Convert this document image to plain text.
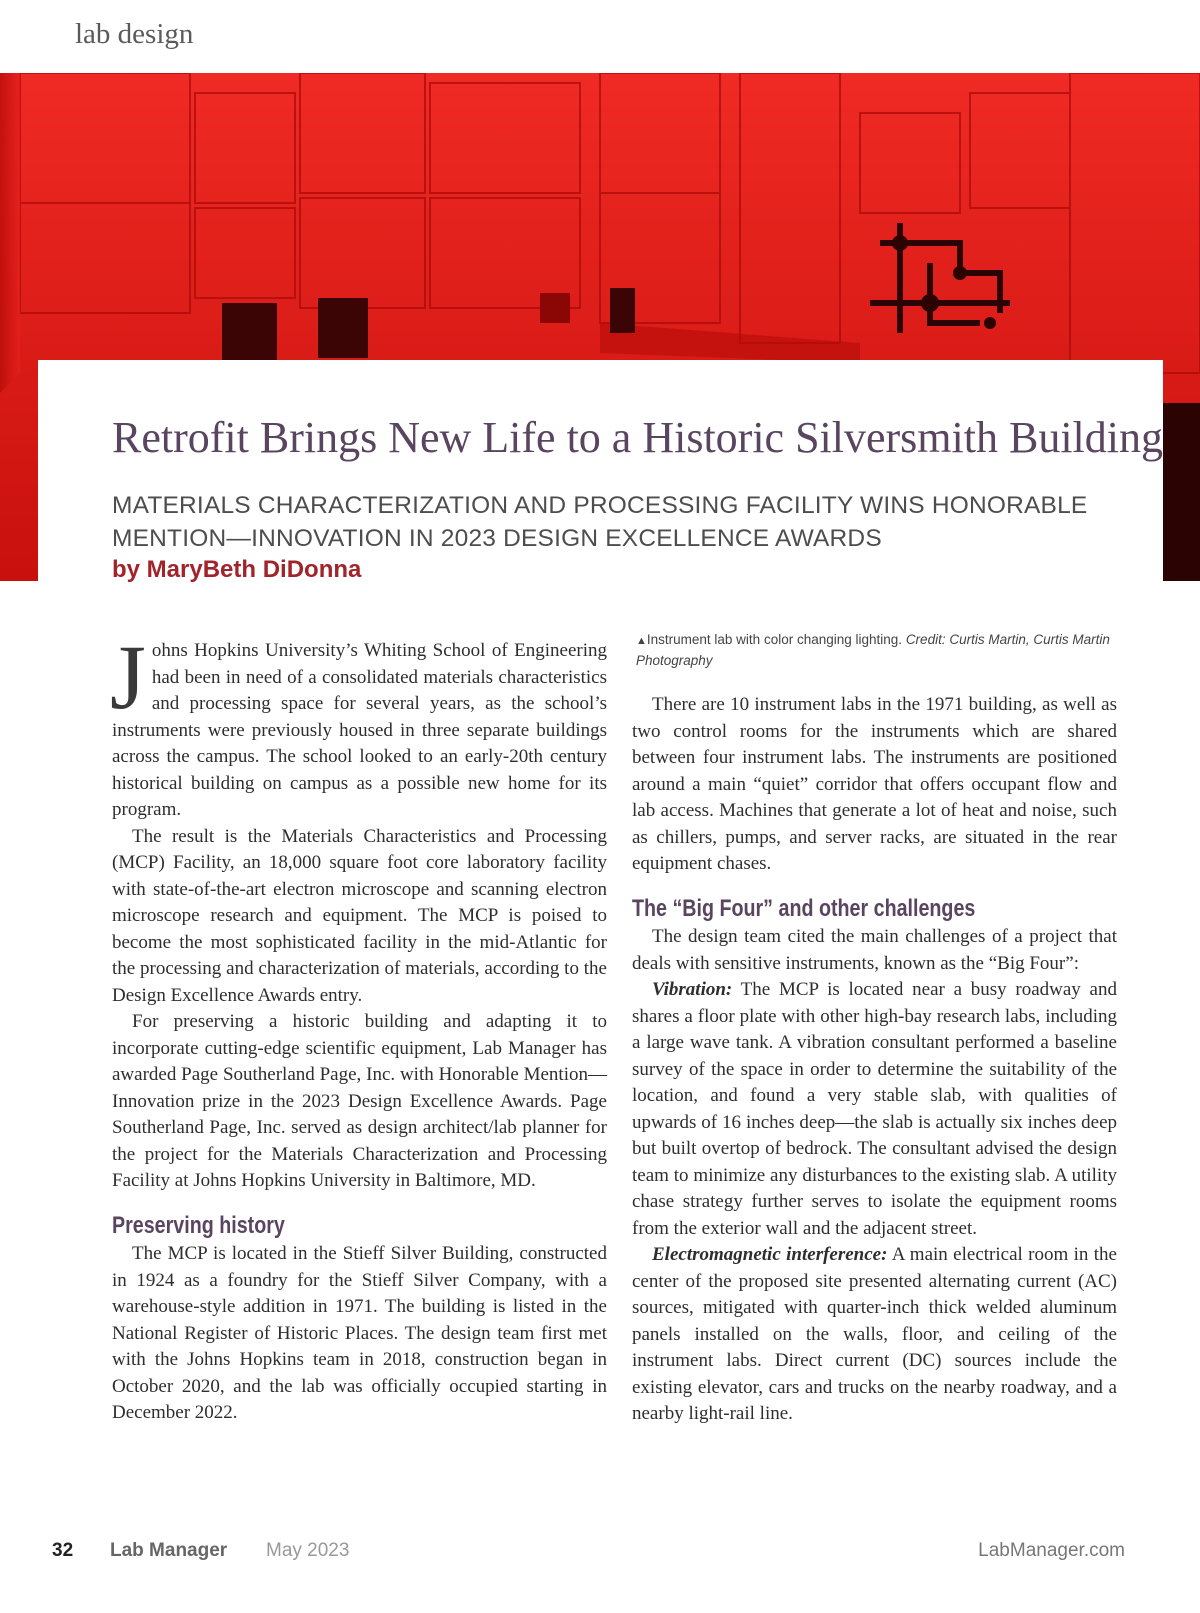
lab design
Retrofit Brings New Life to a Historic Silversmith Building
MATERIALS CHARACTERIZATION AND PROCESSING FACILITY WINS HONORABLE MENTION—INNOVATION IN 2023 DESIGN EXCELLENCE AWARDS
by MaryBeth DiDonna

Johns Hopkins University’s Whiting School of Engineering had been in need of a consolidated materials characteristics and processing space for several years, as the school’s instruments were previously housed in three separate buildings across the campus. The school looked to an early-20th century historical building on campus as a possible new home for its program.

The result is the Materials Characteristics and Processing (MCP) Facility, an 18,000 square foot core laboratory facility with state-of-the-art electron microscope and scanning electron microscope research and equipment. The MCP is poised to become the most sophisticated facility in the mid-Atlantic for the processing and characterization of materials, according to the Design Excellence Awards entry.

For preserving a historic building and adapting it to incorporate cutting-edge scientific equipment, Lab Manager has awarded Page Southerland Page, Inc. with Honorable Mention—Innovation prize in the 2023 Design Excellence Awards. Page Southerland Page, Inc. served as design architect/lab planner for the project for the Materials Characterization and Processing Facility at Johns Hopkins University in Baltimore, MD.

Preserving history

The MCP is located in the Stieff Silver Building, constructed in 1924 as a foundry for the Stieff Silver Company, with a warehouse-style addition in 1971. The building is listed in the National Register of Historic Places. The design team first met with the Johns Hopkins team in 2018, construction began in October 2020, and the lab was officially occupied starting in December 2022.

▲Instrument lab with color changing lighting. Credit: Curtis Martin, Curtis Martin Photography

There are 10 instrument labs in the 1971 building, as well as two control rooms for the instruments which are shared between four instrument labs. The instruments are positioned around a main “quiet” corridor that offers occupant flow and lab access. Machines that generate a lot of heat and noise, such as chillers, pumps, and server racks, are situated in the rear equipment chases.

The “Big Four” and other challenges

The design team cited the main challenges of a project that deals with sensitive instruments, known as the “Big Four”:

Vibration: The MCP is located near a busy roadway and shares a floor plate with other high-bay research labs, including a large wave tank. A vibration consultant performed a baseline survey of the space in order to determine the suitability of the location, and found a very stable slab, with qualities of upwards of 16 inches deep—the slab is actually six inches deep but built overtop of bedrock. The consultant advised the design team to minimize any disturbances to the existing slab. A utility chase strategy further serves to isolate the equipment rooms from the exterior wall and the adjacent street.

Electromagnetic interference: A main electrical room in the center of the proposed site presented alternating current (AC) sources, mitigated with quarter-inch thick welded aluminum panels installed on the walls, floor, and ceiling of the instrument labs. Direct current (DC) sources include the existing elevator, cars and trucks on the nearby roadway, and a nearby light-rail line.

32 Lab Manager May 2023	LabManager.com
